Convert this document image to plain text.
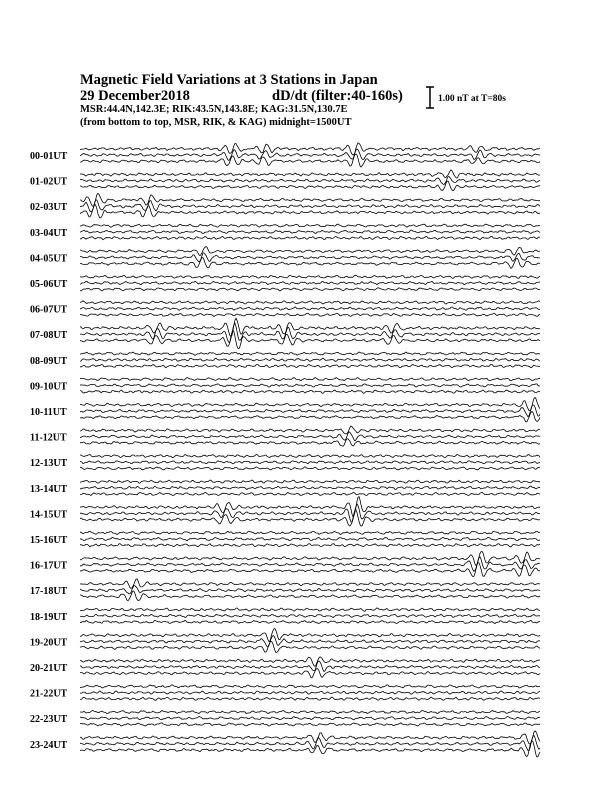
Magnetic Field Variations at 3 Stations in Japan
29 December2018	dD/dt (filter:40-160s)
MSR:44.4N,142.3E; RIK:43.5N,143.8E; KAG:31.5N,130.7E
(from bottom to top, MSR, RIK, & KAG) midnight=1500UT
1.00 nT at T=80s
00-01UT
01-02UT
02-03UT
03-04UT
04-05UT
05-06UT
06-07UT
07-08UT
08-09UT
09-10UT
10-11UT
11-12UT
12-13UT
13-14UT
14-15UT
15-16UT
16-17UT
17-18UT
18-19UT
19-20UT
20-21UT
21-22UT
22-23UT
23-24UT
